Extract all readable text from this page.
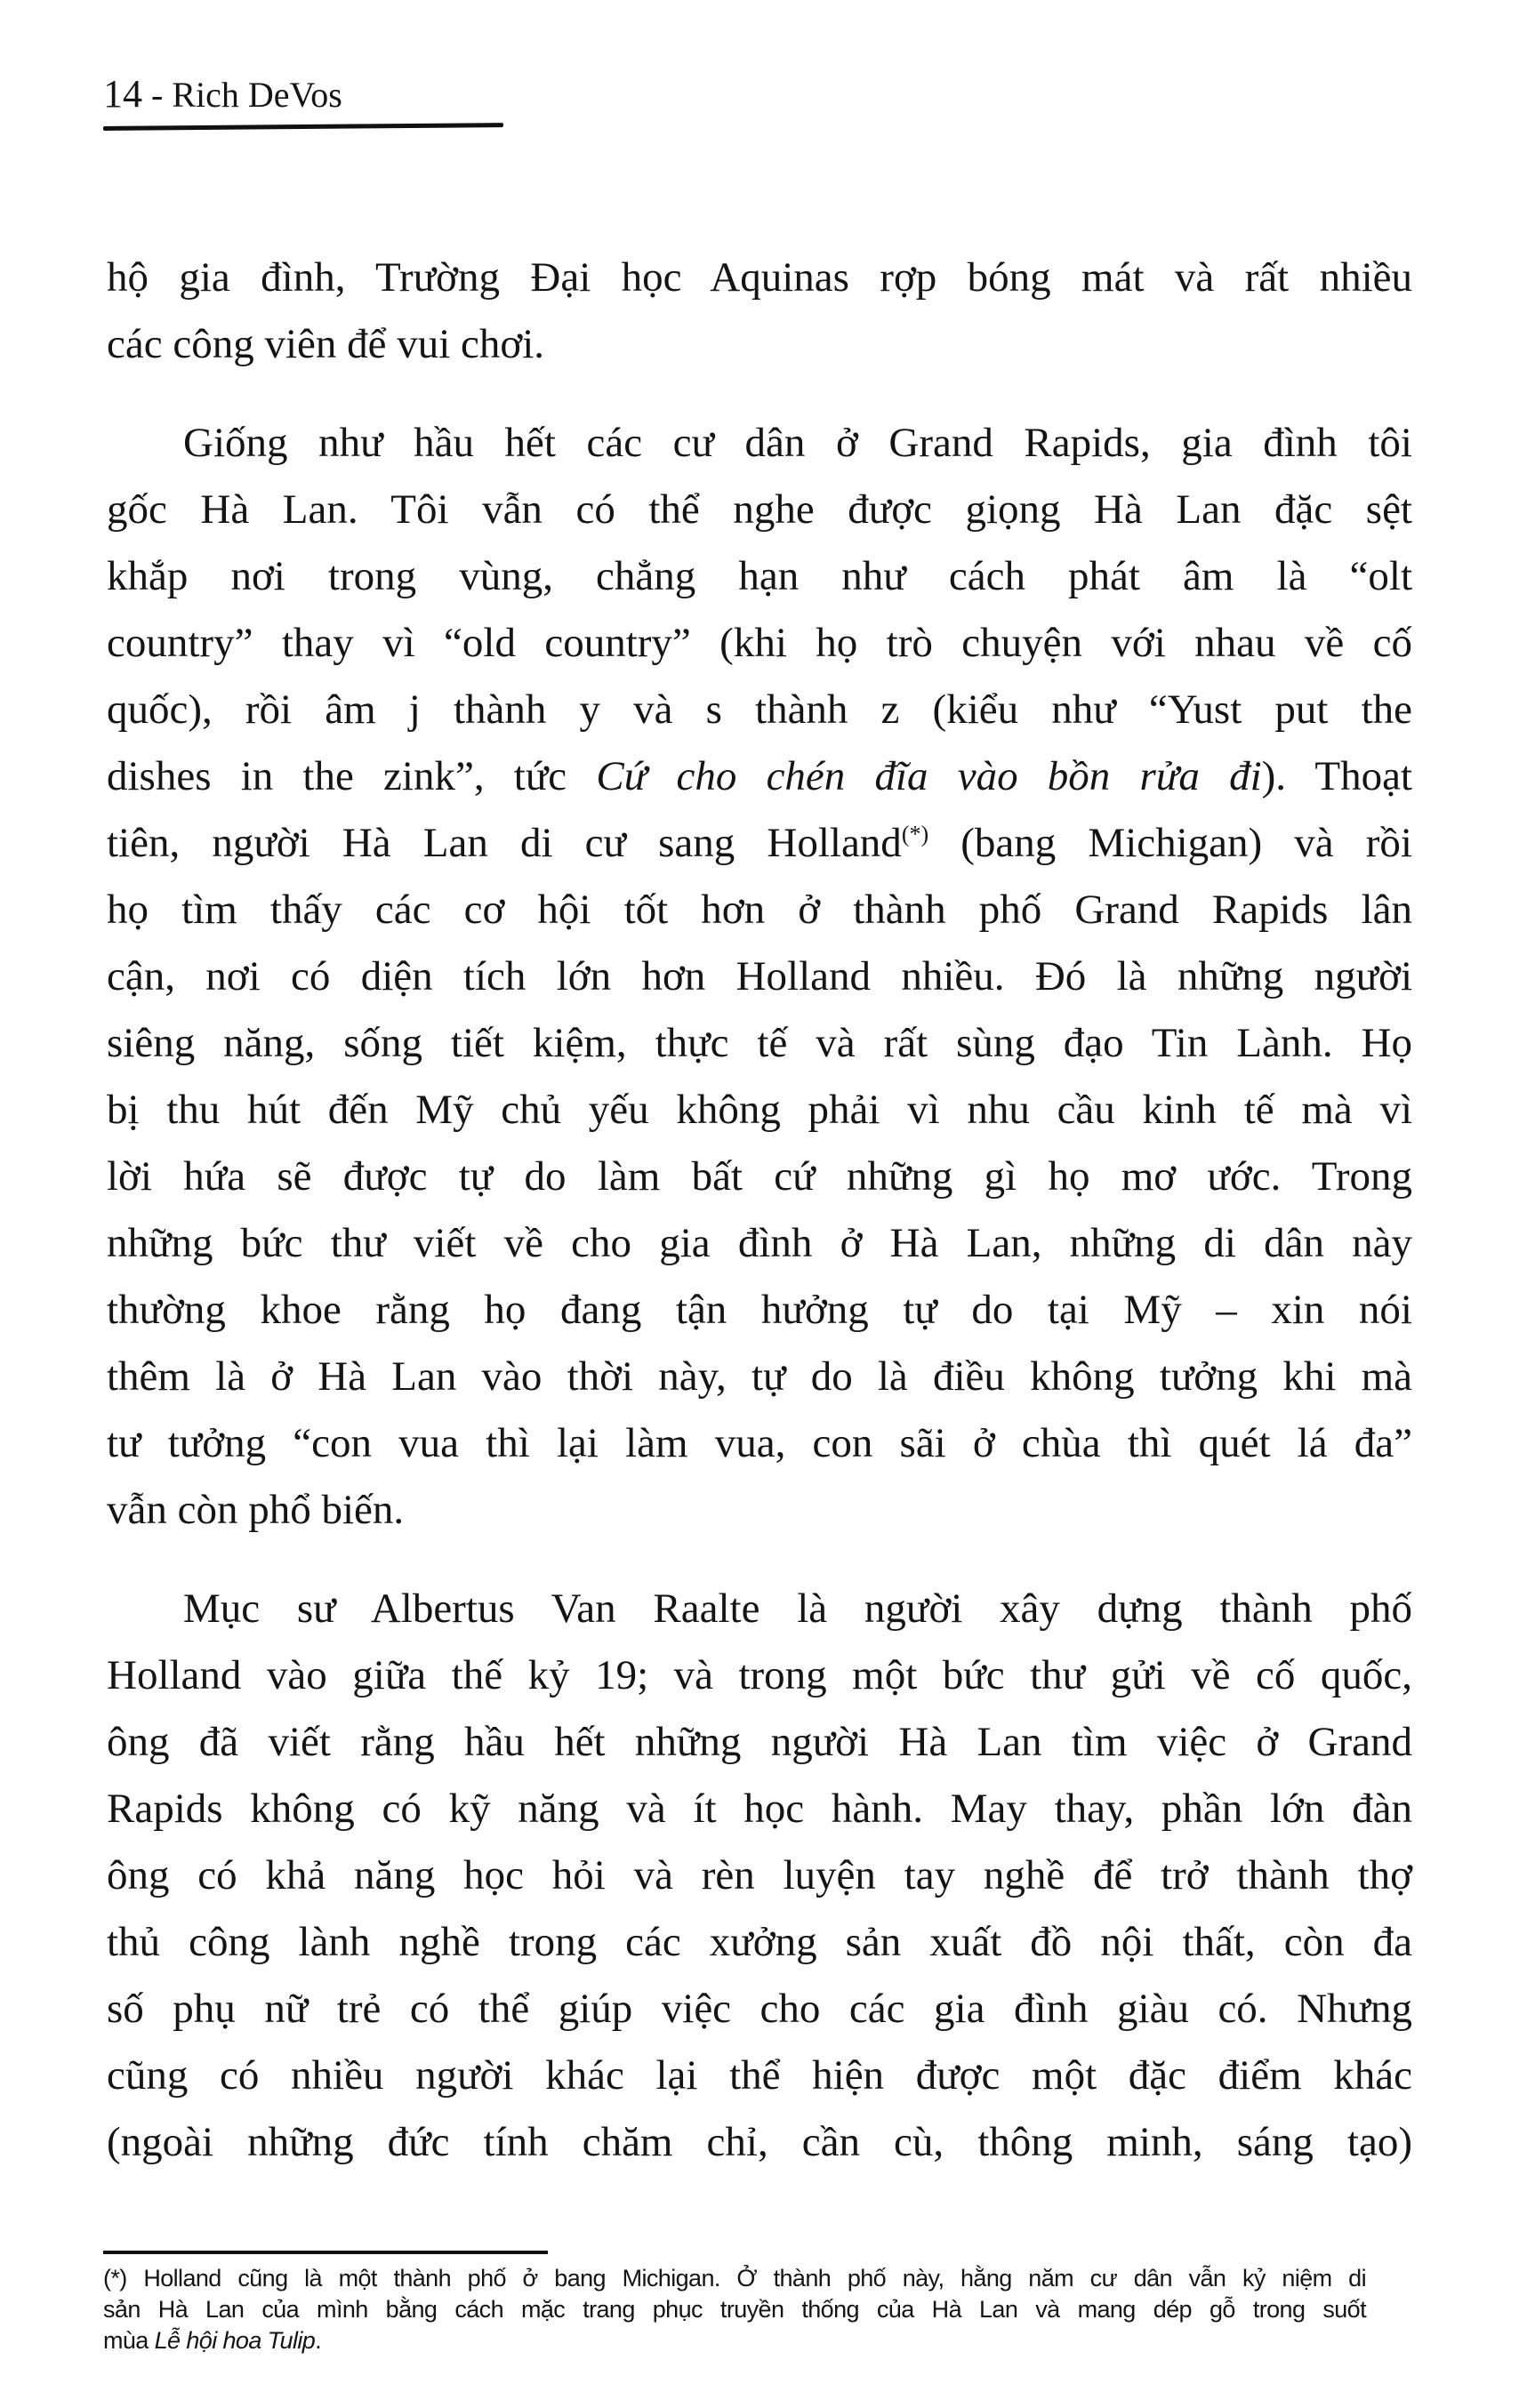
14 - Rich DeVos
hộ gia đình, Trường Đại học Aquinas rợp bóng mát và rất nhiều
các công viên để vui chơi.
Giống như hầu hết các cư dân ở Grand Rapids, gia đình tôi
gốc Hà Lan. Tôi vẫn có thể nghe được giọng Hà Lan đặc sệt
khắp nơi trong vùng, chẳng hạn như cách phát âm là “olt
country” thay vì “old country” (khi họ trò chuyện với nhau về cố
quốc), rồi âm j thành y và s thành z (kiểu như “Yust put the
dishes in the zink”, tức Cứ cho chén đĩa vào bồn rửa đi). Thoạt
tiên, người Hà Lan di cư sang Holland(*) (bang Michigan) và rồi
họ tìm thấy các cơ hội tốt hơn ở thành phố Grand Rapids lân
cận, nơi có diện tích lớn hơn Holland nhiều. Đó là những người
siêng năng, sống tiết kiệm, thực tế và rất sùng đạo Tin Lành. Họ
bị thu hút đến Mỹ chủ yếu không phải vì nhu cầu kinh tế mà vì
lời hứa sẽ được tự do làm bất cứ những gì họ mơ ước. Trong
những bức thư viết về cho gia đình ở Hà Lan, những di dân này
thường khoe rằng họ đang tận hưởng tự do tại Mỹ – xin nói
thêm là ở Hà Lan vào thời này, tự do là điều không tưởng khi mà
tư tưởng “con vua thì lại làm vua, con sãi ở chùa thì quét lá đa”
vẫn còn phổ biến.
Mục sư Albertus Van Raalte là người xây dựng thành phố
Holland vào giữa thế kỷ 19; và trong một bức thư gửi về cố quốc,
ông đã viết rằng hầu hết những người Hà Lan tìm việc ở Grand
Rapids không có kỹ năng và ít học hành. May thay, phần lớn đàn
ông có khả năng học hỏi và rèn luyện tay nghề để trở thành thợ
thủ công lành nghề trong các xưởng sản xuất đồ nội thất, còn đa
số phụ nữ trẻ có thể giúp việc cho các gia đình giàu có. Nhưng
cũng có nhiều người khác lại thể hiện được một đặc điểm khác
(ngoài những đức tính chăm chỉ, cần cù, thông minh, sáng tạo)
(*) Holland cũng là một thành phố ở bang Michigan. Ở thành phố này, hằng năm cư dân vẫn kỷ niệm di
sản Hà Lan của mình bằng cách mặc trang phục truyền thống của Hà Lan và mang dép gỗ trong suốt
mùa Lễ hội hoa Tulip.
